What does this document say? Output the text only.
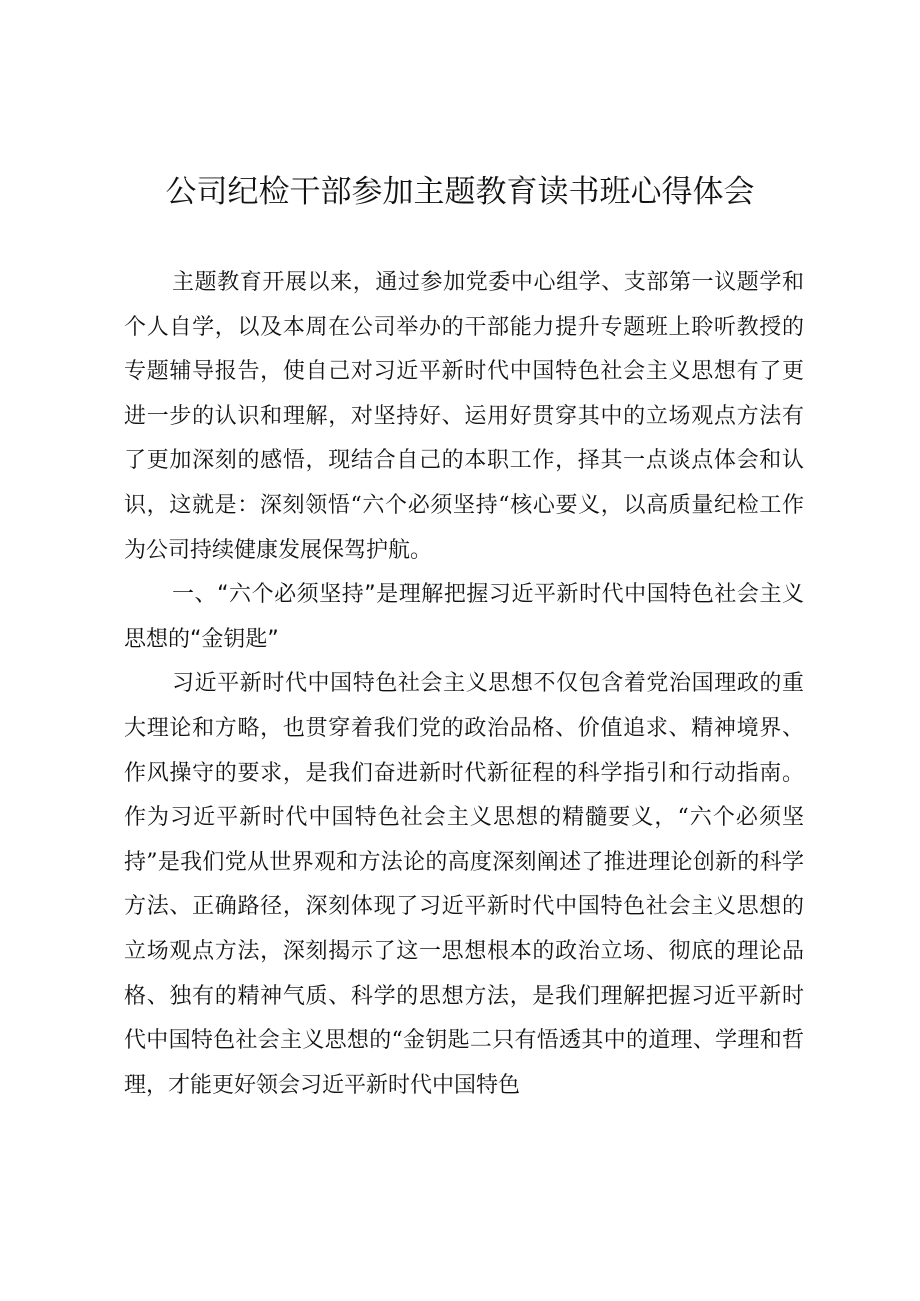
公司纪检干部参加主题教育读书班心得体会

主题教育开展以来，通过参加党委中心组学、支部第一议题学和个人自学，以及本周在公司举办的干部能力提升专题班上聆听教授的专题辅导报告，使自己对习近平新时代中国特色社会主义思想有了更进一步的认识和理解，对坚持好、运用好贯穿其中的立场观点方法有了更加深刻的感悟，现结合自己的本职工作，择其一点谈点体会和认识，这就是：深刻领悟“六个必须坚持“核心要义，以高质量纪检工作为公司持续健康发展保驾护航。

一、“六个必须坚持”是理解把握习近平新时代中国特色社会主义思想的“金钥匙”

习近平新时代中国特色社会主义思想不仅包含着党治国理政的重大理论和方略，也贯穿着我们党的政治品格、价值追求、精神境界、作风操守的要求，是我们奋进新时代新征程的科学指引和行动指南。作为习近平新时代中国特色社会主义思想的精髓要义，“六个必须坚持”是我们党从世界观和方法论的高度深刻阐述了推进理论创新的科学方法、正确路径，深刻体现了习近平新时代中国特色社会主义思想的立场观点方法，深刻揭示了这一思想根本的政治立场、彻底的理论品格、独有的精神气质、科学的思想方法，是我们理解把握习近平新时代中国特色社会主义思想的“金钥匙二只有悟透其中的道理、学理和哲理，才能更好领会习近平新时代中国特色
